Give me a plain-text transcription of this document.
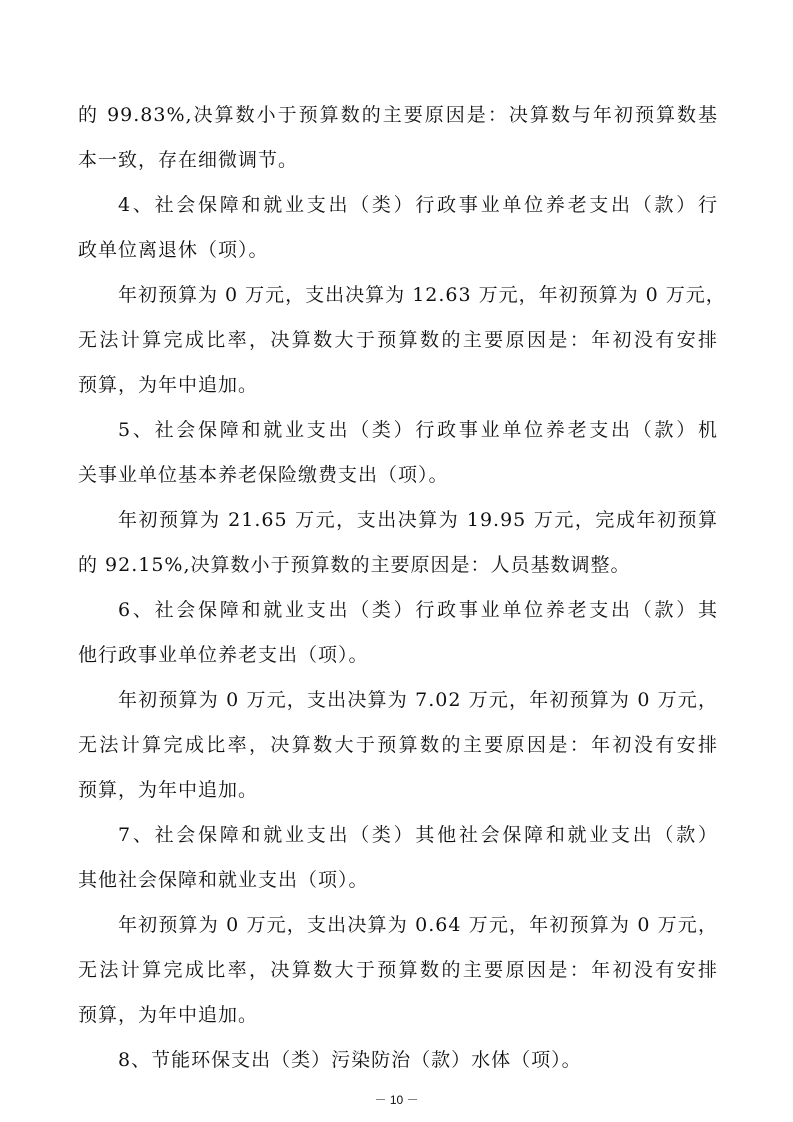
的 99.83%,决算数小于预算数的主要原因是：决算数与年初预算数基
本一致，存在细微调节。
4、社会保障和就业支出（类）行政事业单位养老支出（款）行
政单位离退休（项）。
年初预算为 0 万元，支出决算为 12.63 万元，年初预算为 0 万元，
无法计算完成比率，决算数大于预算数的主要原因是：年初没有安排
预算，为年中追加。
5、社会保障和就业支出（类）行政事业单位养老支出（款）机
关事业单位基本养老保险缴费支出（项）。
年初预算为 21.65 万元，支出决算为 19.95 万元，完成年初预算
的 92.15%,决算数小于预算数的主要原因是：人员基数调整。
6、社会保障和就业支出（类）行政事业单位养老支出（款）其
他行政事业单位养老支出（项）。
年初预算为 0 万元，支出决算为 7.02 万元，年初预算为 0 万元，
无法计算完成比率，决算数大于预算数的主要原因是：年初没有安排
预算，为年中追加。
7、社会保障和就业支出（类）其他社会保障和就业支出（款）
其他社会保障和就业支出（项）。
年初预算为 0 万元，支出决算为 0.64 万元，年初预算为 0 万元，
无法计算完成比率，决算数大于预算数的主要原因是：年初没有安排
预算，为年中追加。
8、节能环保支出（类）污染防治（款）水体（项）。
－ 10 －
